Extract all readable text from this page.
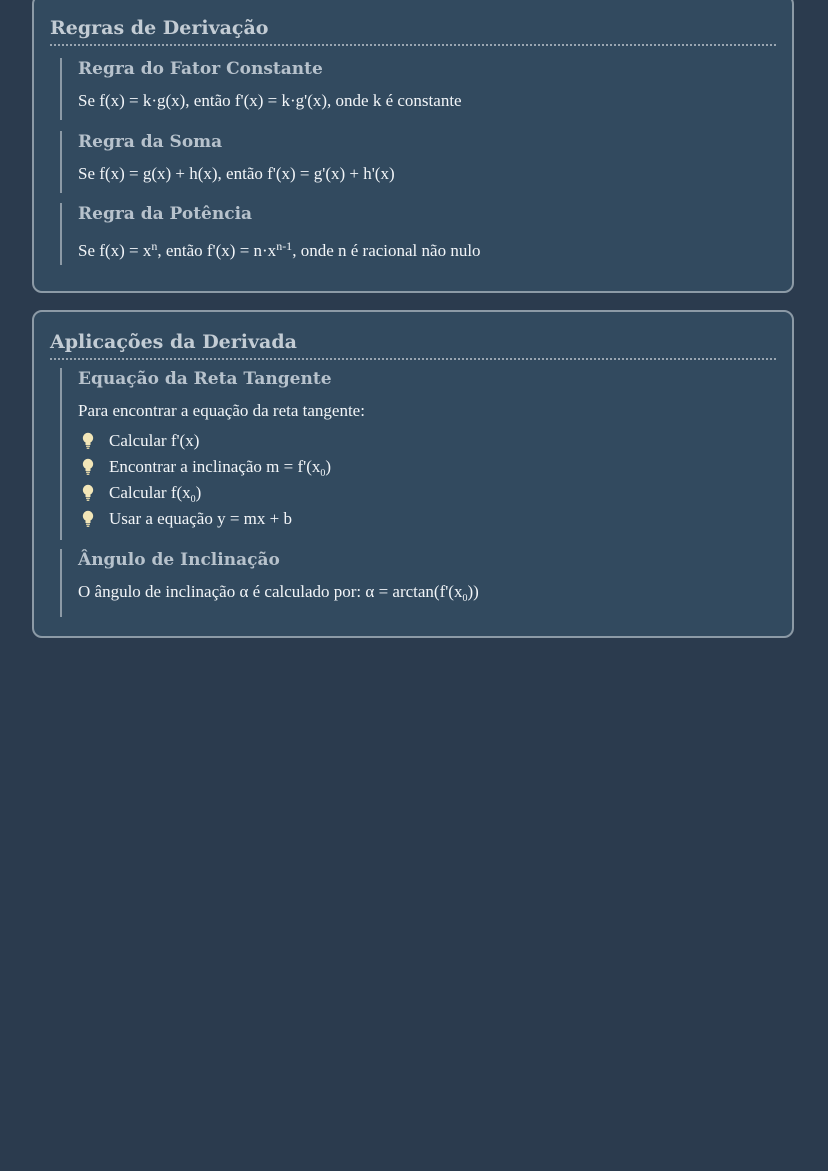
Regras de Derivação
Regra do Fator Constante
Se f(x) = k·g(x), então f'(x) = k·g'(x), onde k é constante
Regra da Soma
Se f(x) = g(x) + h(x), então f'(x) = g'(x) + h'(x)
Regra da Potência
Se $f(x) = x^n$, então $f'(x) = n\cdot x^{n-1}$, onde n é racional não nulo
Aplicações da Derivada
Equação da Reta Tangente
Para encontrar a equação da reta tangente:
Calcular f'(x)
Encontrar a inclinação $m = f'(x_0)$
Calcular $f(x_0)$
Usar a equação y = mx + b
Ângulo de Inclinação
O ângulo de inclinação α é calculado por: $\alpha = \arctan(f'(x_0))$
